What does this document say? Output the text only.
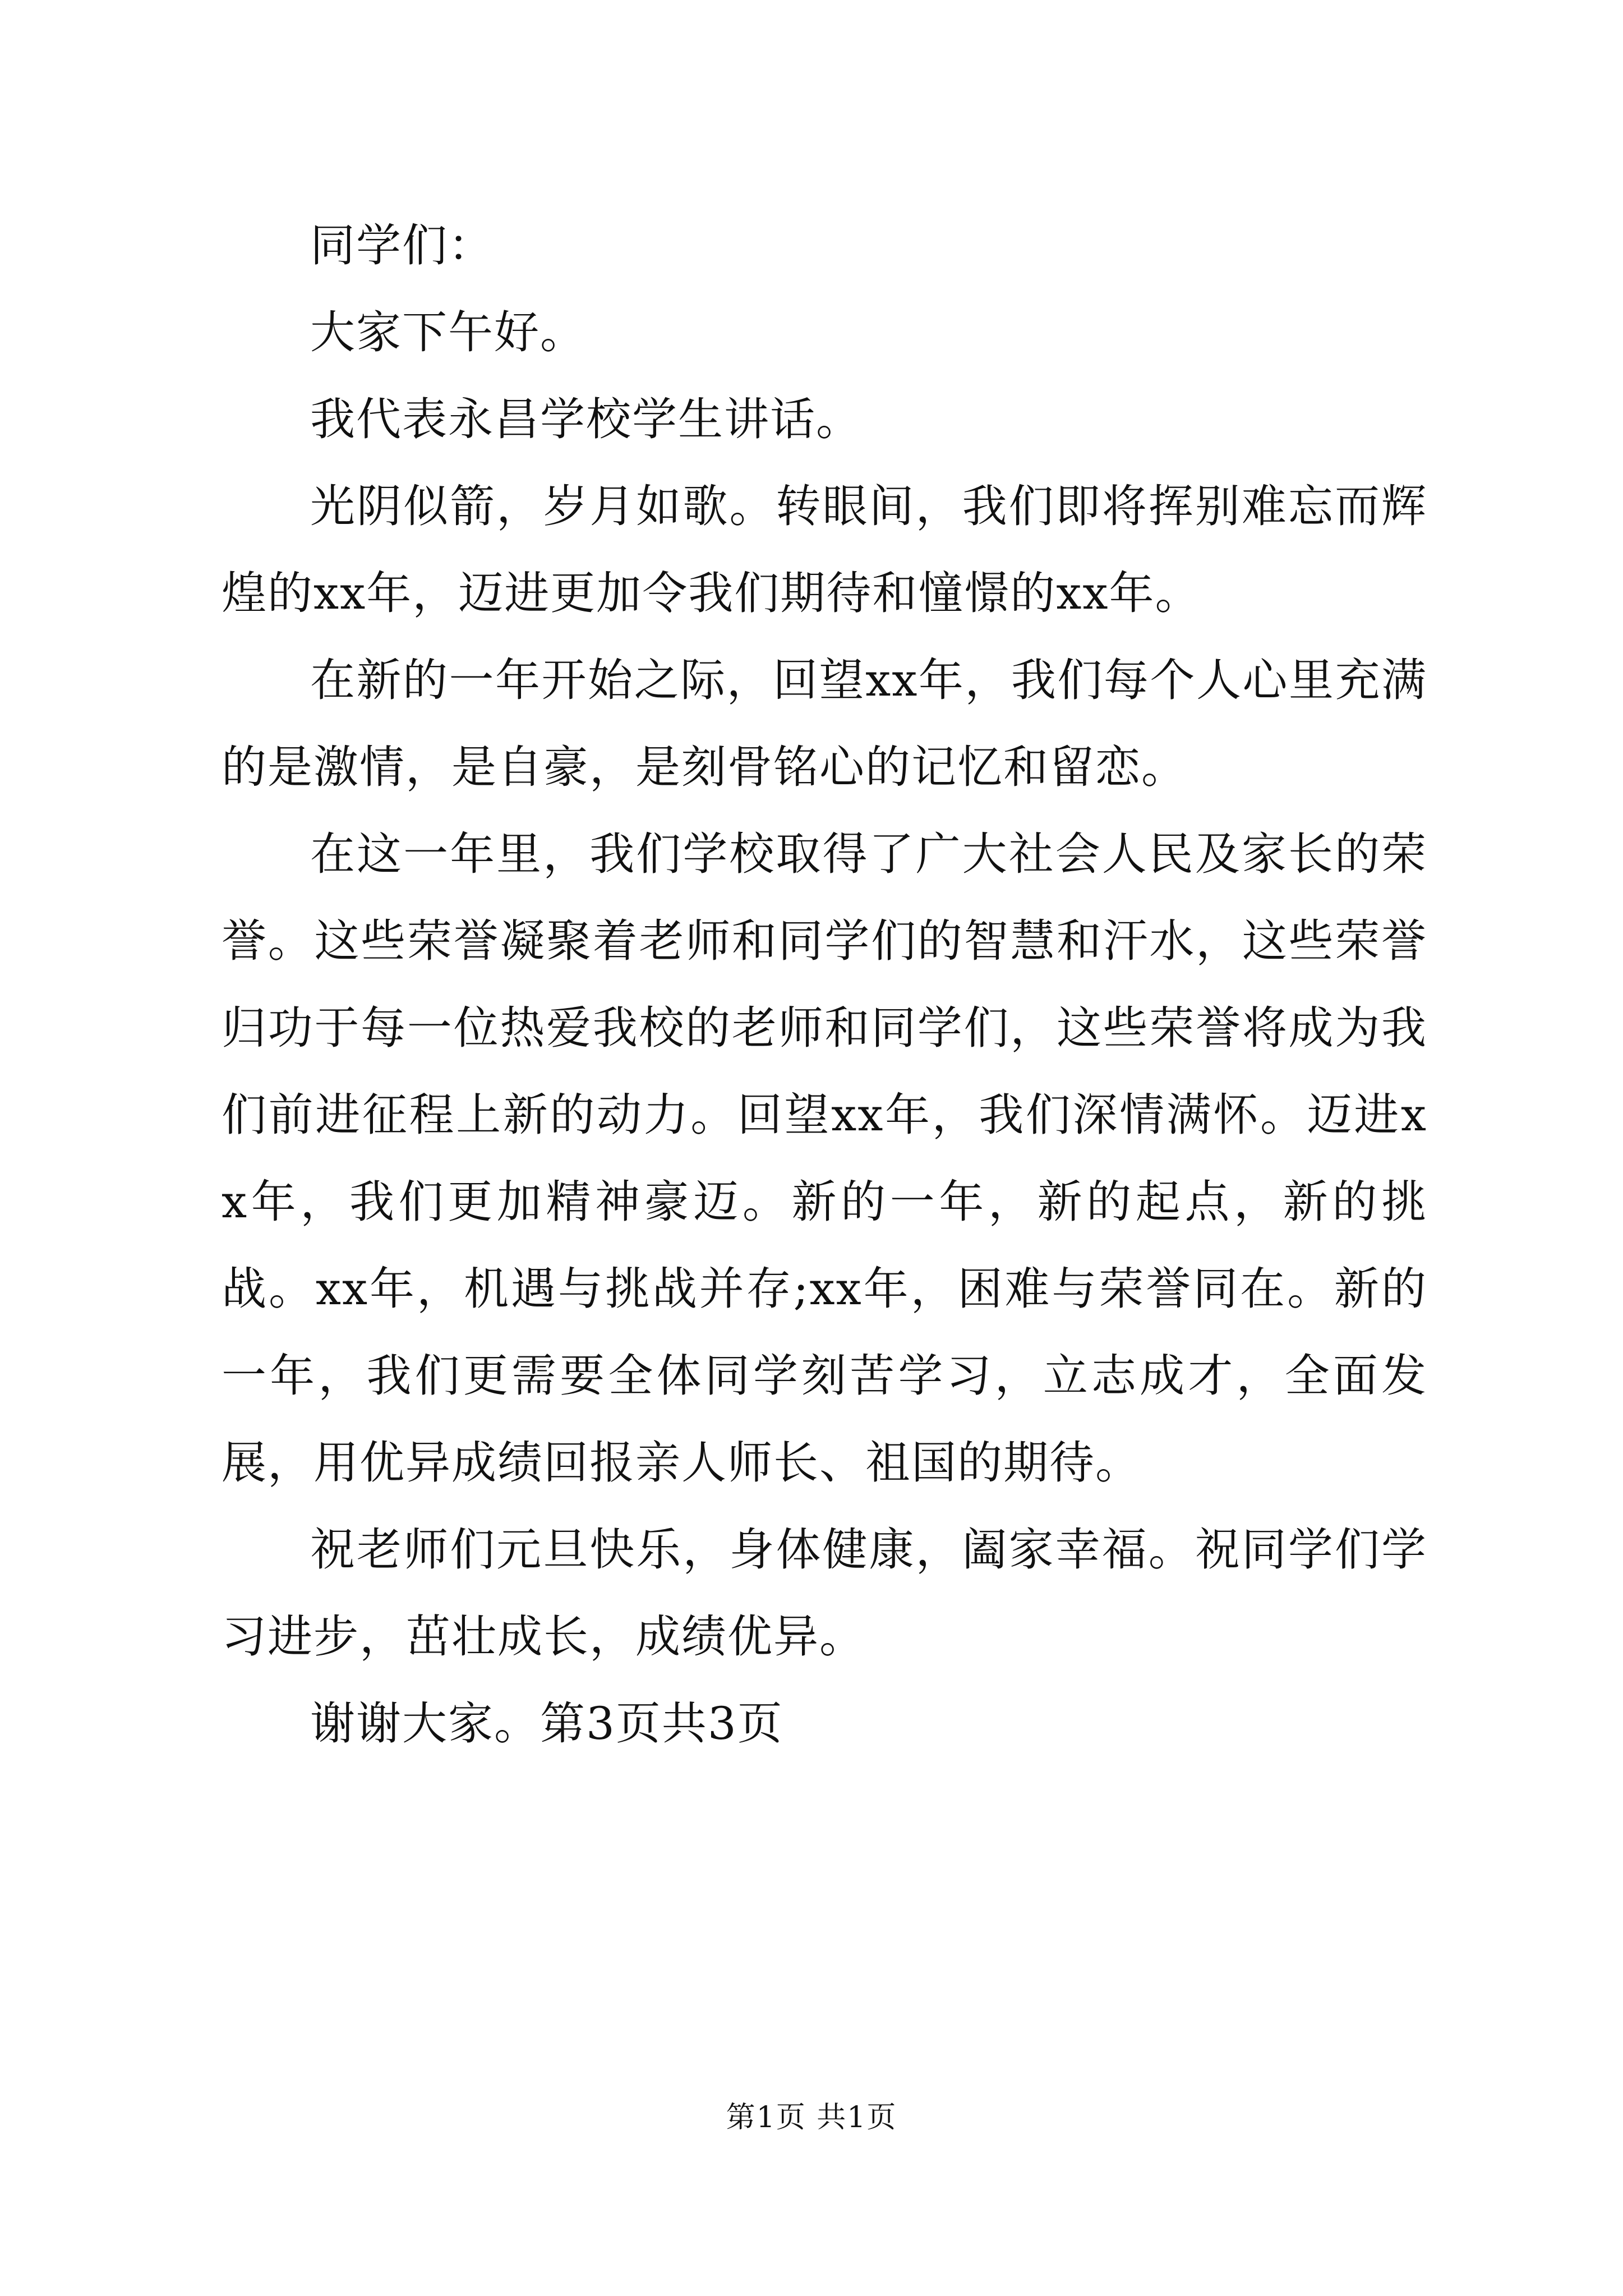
同学们：

大家下午好。

我代表永昌学校学生讲话。

光阴似箭，岁月如歌。转眼间，我们即将挥别难忘而辉煌的xx年，迈进更加令我们期待和憧憬的xx年。

在新的一年开始之际，回望xx年，我们每个人心里充满的是激情，是自豪，是刻骨铭心的记忆和留恋。

在这一年里，我们学校取得了广大社会人民及家长的荣誉。这些荣誉凝聚着老师和同学们的智慧和汗水，这些荣誉归功于每一位热爱我校的老师和同学们，这些荣誉将成为我们前进征程上新的动力。回望xx年，我们深情满怀。迈进xx年，我们更加精神豪迈。新的一年，新的起点，新的挑战。xx年，机遇与挑战并存;xx年，困难与荣誉同在。新的一年，我们更需要全体同学刻苦学习，立志成才，全面发展，用优异成绩回报亲人师长、祖国的期待。

祝老师们元旦快乐，身体健康，阖家幸福。祝同学们学习进步，茁壮成长，成绩优异。

谢谢大家。第3页共3页

第1页 共1页
